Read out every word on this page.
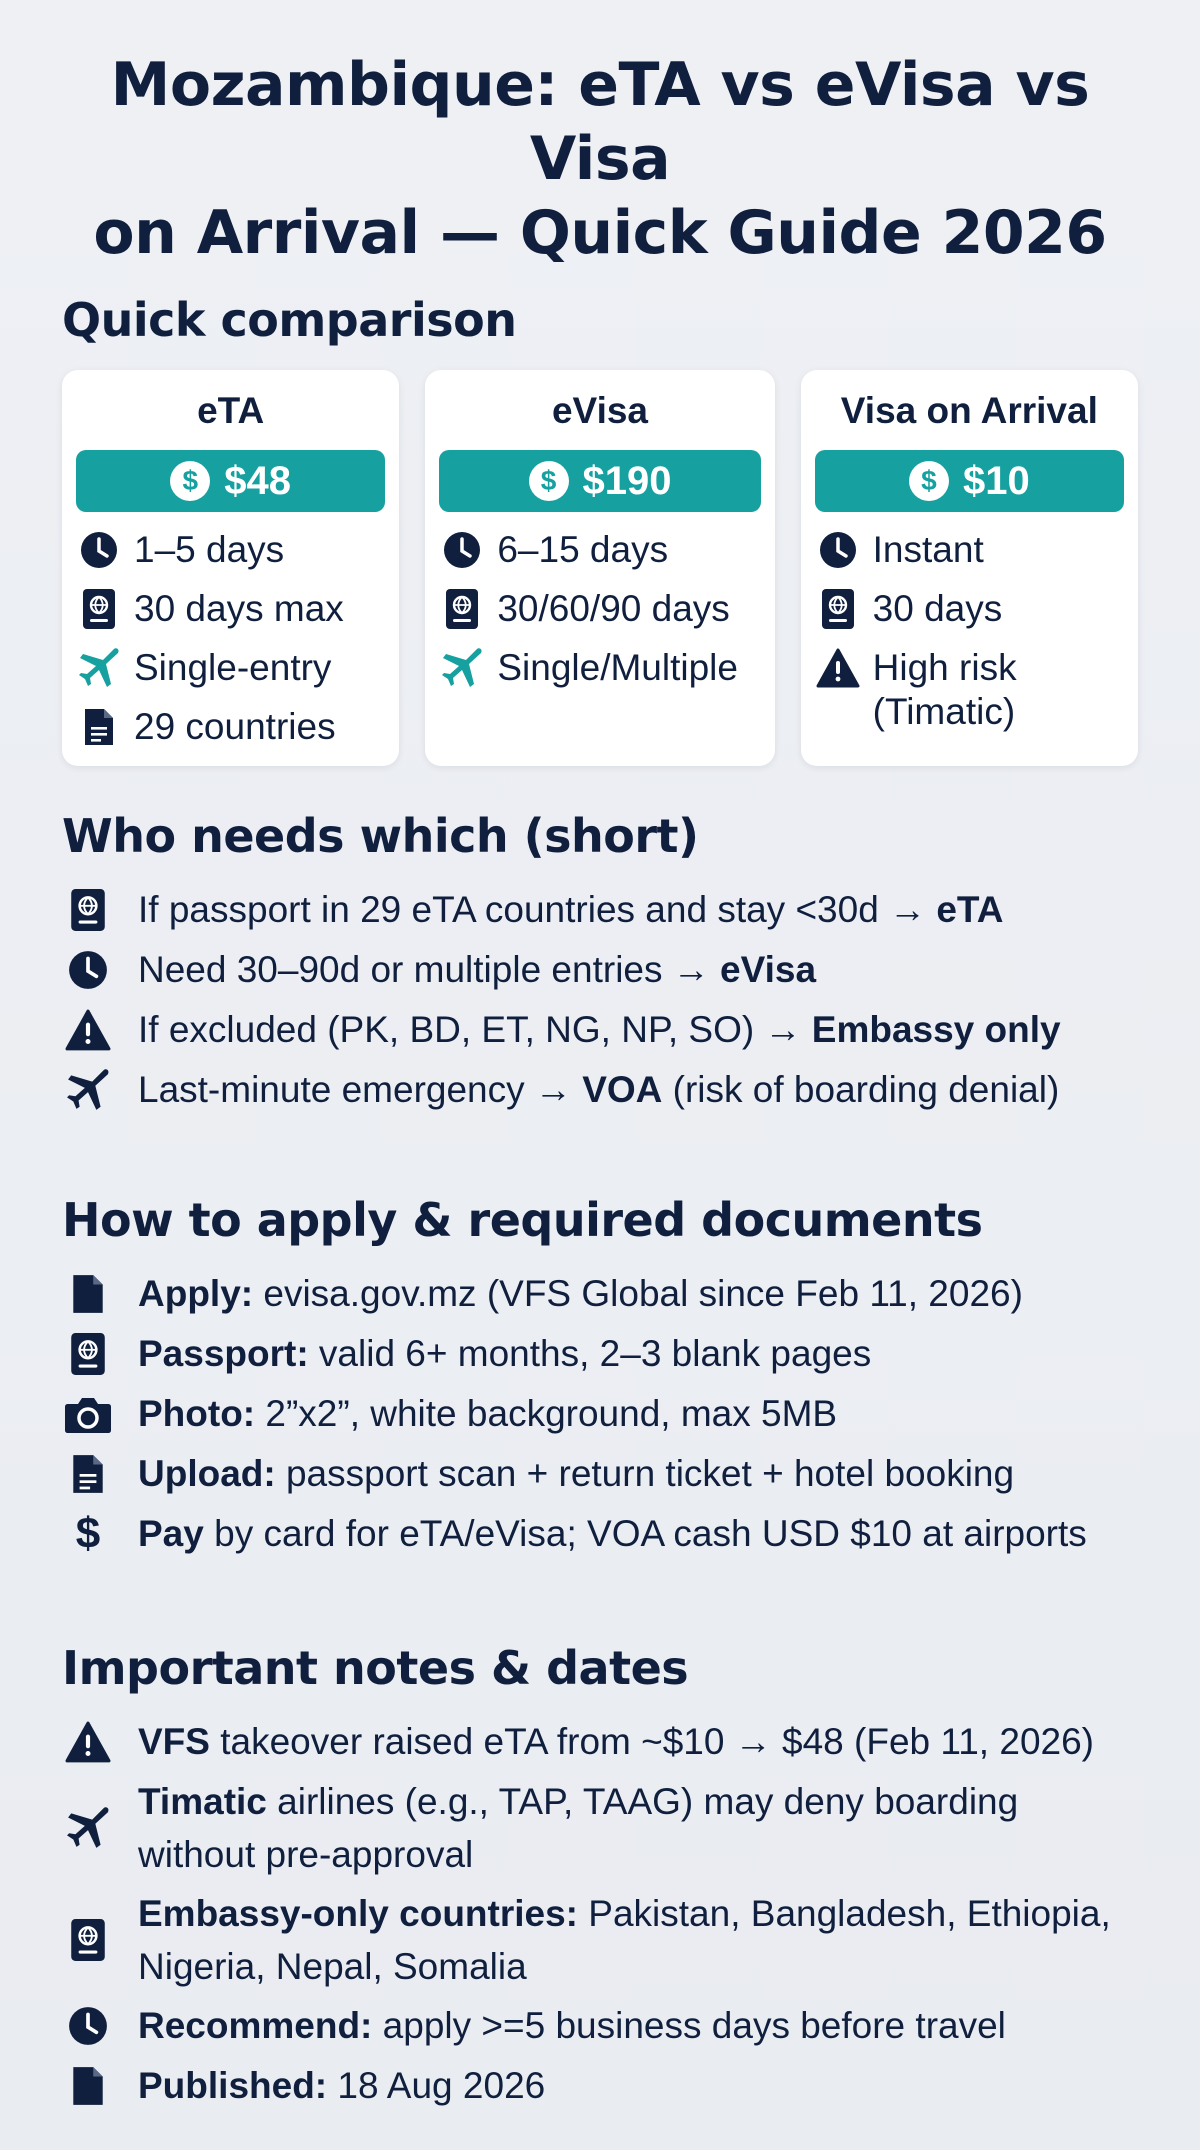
Mozambique: eTA vs eVisa vs Visa
on Arrival — Quick Guide 2026
Quick comparison
eTA
$ $48
1–5 days
30 days max
Single-entry
29 countries
eVisa
$ $190
6–15 days
30/60/90 days
Single/Multiple
Visa on Arrival
$ $10
Instant
30 days
High risk (Timatic)
Who needs which (short)
If passport in 29 eTA countries and stay <30d → eTA
Need 30–90d or multiple entries → eVisa
If excluded (PK, BD, ET, NG, NP, SO) → Embassy only
Last-minute emergency → VOA (risk of boarding denial)
How to apply & required documents
Apply: evisa.gov.mz (VFS Global since Feb 11, 2026)
Passport: valid 6+ months, 2–3 blank pages
Photo: 2”x2”, white background, max 5MB
Upload: passport scan + return ticket + hotel booking
$	Pay by card for eTA/eVisa; VOA cash USD $10 at airports
Important notes & dates
VFS takeover raised eTA from ~$10 → $48 (Feb 11, 2026)
Timatic airlines (e.g., TAP, TAAG) may deny boarding without pre-approval
Embassy-only countries: Pakistan, Bangladesh, Ethiopia, Nigeria, Nepal, Somalia
Recommend: apply >=5 business days before travel
Published: 18 Aug 2026
